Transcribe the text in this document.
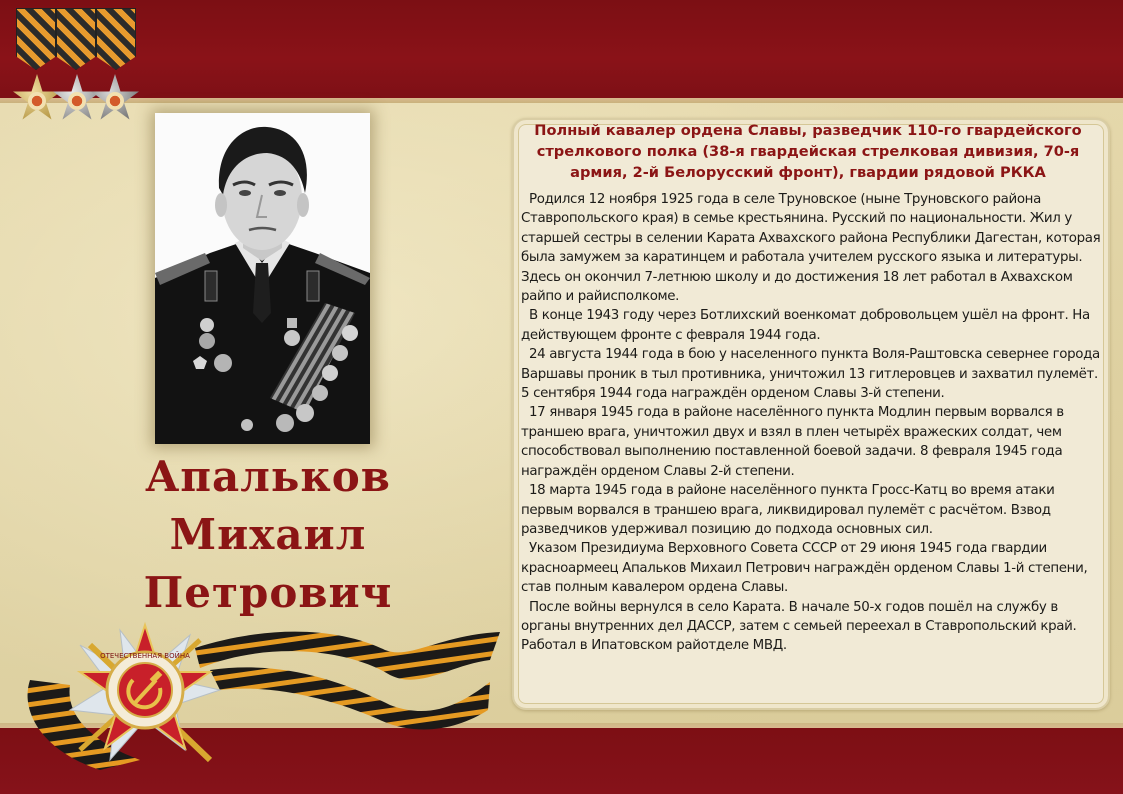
Апальков
Михаил
Петрович
ОТЕЧЕСТВЕННАЯ ВОЙНА
Полный кавалер ордена Славы, разведчик 110-го гвардейского стрелкового полка (38-я гвардейская стрелковая дивизия, 70-я армия, 2-й Белорусский фронт), гвардии рядовой РККА

Родился 12 ноября 1925 года в селе Труновское (ныне Труновского района Ставропольского края) в семье крестьянина. Русский по национальности. Жил у старшей сестры в селении Карата Ахвахского района Республики Дагестан, которая была замужем за каратинцем и работала учителем русского языка и литературы. Здесь он окончил 7-летнюю школу и до достижения 18 лет работал в Ахвахском райпо и райисполкоме.

В конце 1943 году через Ботлихский военкомат добровольцем ушёл на фронт. На действующем фронте с февраля 1944 года.

24 августа 1944 года в бою у населенного пункта Воля-Раштовска севернее города Варшавы проник в тыл противника, уничтожил 13 гитлеровцев и захватил пулемёт. 5 сентября 1944 года награждён орденом Славы 3-й степени.

17 января 1945 года в районе населённого пункта Модлин первым ворвался в траншею врага, уничтожил двух и взял в плен четырёх вражеских солдат, чем способствовал выполнению поставленной боевой задачи. 8 февраля 1945 года награждён орденом Славы 2-й степени.

18 марта 1945 года в районе населённого пункта Гросс-Катц во время атаки первым ворвался в траншею врага, ликвидировал пулемёт с расчётом. Взвод разведчиков удерживал позицию до подхода основных сил.

Указом Президиума Верховного Совета СССР от 29 июня 1945 года гвардии красноармеец Апальков Михаил Петрович награждён орденом Славы 1-й степени, став полным кавалером ордена Славы.

После войны вернулся в село Карата. В начале 50-х годов пошёл на службу в органы внутренних дел ДАССР, затем с семьей переехал в Ставропольский край. Работал в Ипатовском райотделе МВД.
